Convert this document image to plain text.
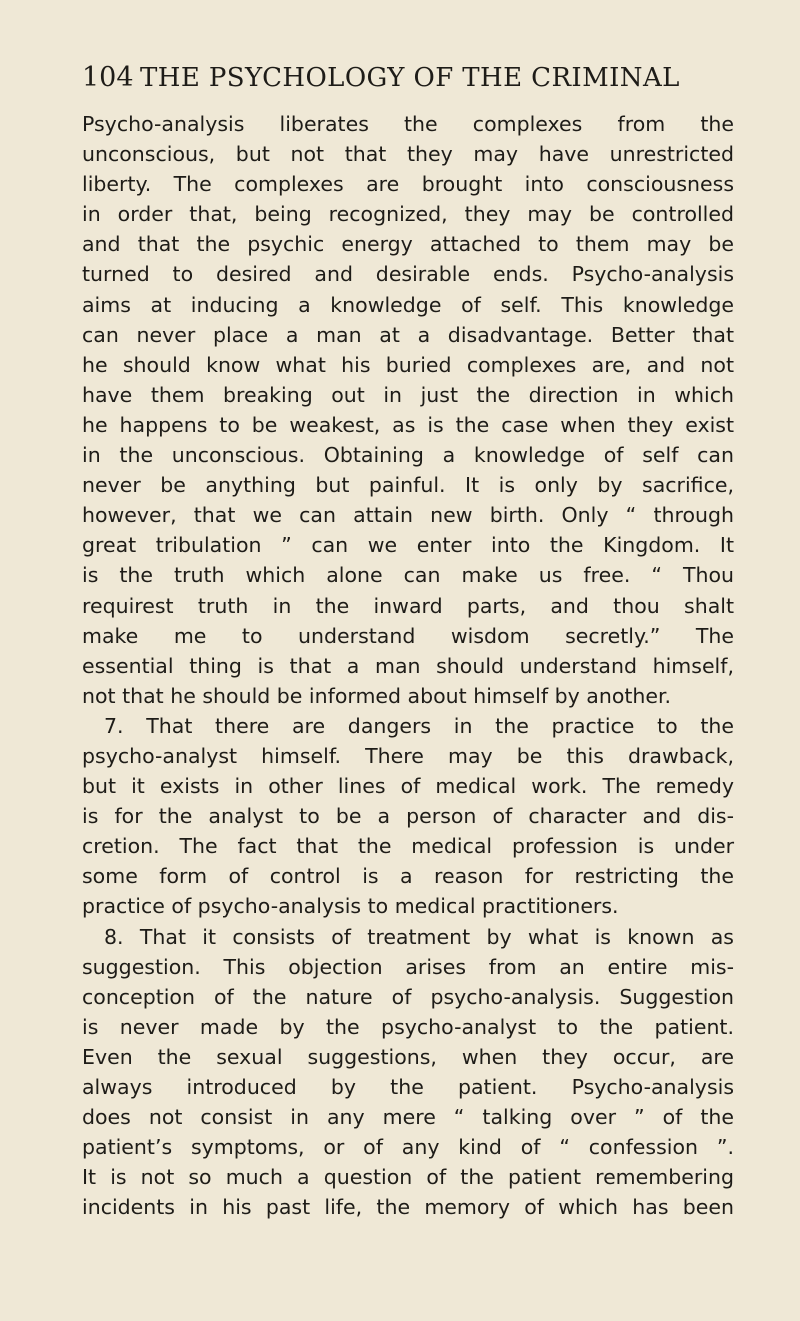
104 THE PSYCHOLOGY OF THE CRIMINAL
Psycho-analysis liberates the complexes from the
unconscious, but not that they may have unrestricted
liberty. The complexes are brought into consciousness
in order that, being recognized, they may be controlled
and that the psychic energy attached to them may be
turned to desired and desirable ends. Psycho-analysis
aims at inducing a knowledge of self. This knowledge
can never place a man at a disadvantage. Better that
he should know what his buried complexes are, and not
have them breaking out in just the direction in which
he happens to be weakest, as is the case when they exist
in the unconscious. Obtaining a knowledge of self can
never be anything but painful. It is only by sacrifice,
however, that we can attain new birth. Only “ through
great tribulation ” can we enter into the Kingdom. It
is the truth which alone can make us free. “ Thou
requirest truth in the inward parts, and thou shalt
make me to understand wisdom secretly.” The
essential thing is that a man should understand himself,
not that he should be informed about himself by another.
7. That there are dangers in the practice to the
psycho-analyst himself. There may be this drawback,
but it exists in other lines of medical work. The remedy
is for the analyst to be a person of character and dis-
cretion. The fact that the medical profession is under
some form of control is a reason for restricting the
practice of psycho-analysis to medical practitioners.
8. That it consists of treatment by what is known as
suggestion. This objection arises from an entire mis-
conception of the nature of psycho-analysis. Suggestion
is never made by the psycho-analyst to the patient.
Even the sexual suggestions, when they occur, are
always introduced by the patient. Psycho-analysis
does not consist in any mere “ talking over ” of the
patient’s symptoms, or of any kind of “ confession ”.
It is not so much a question of the patient remembering
incidents in his past life, the memory of which has been
